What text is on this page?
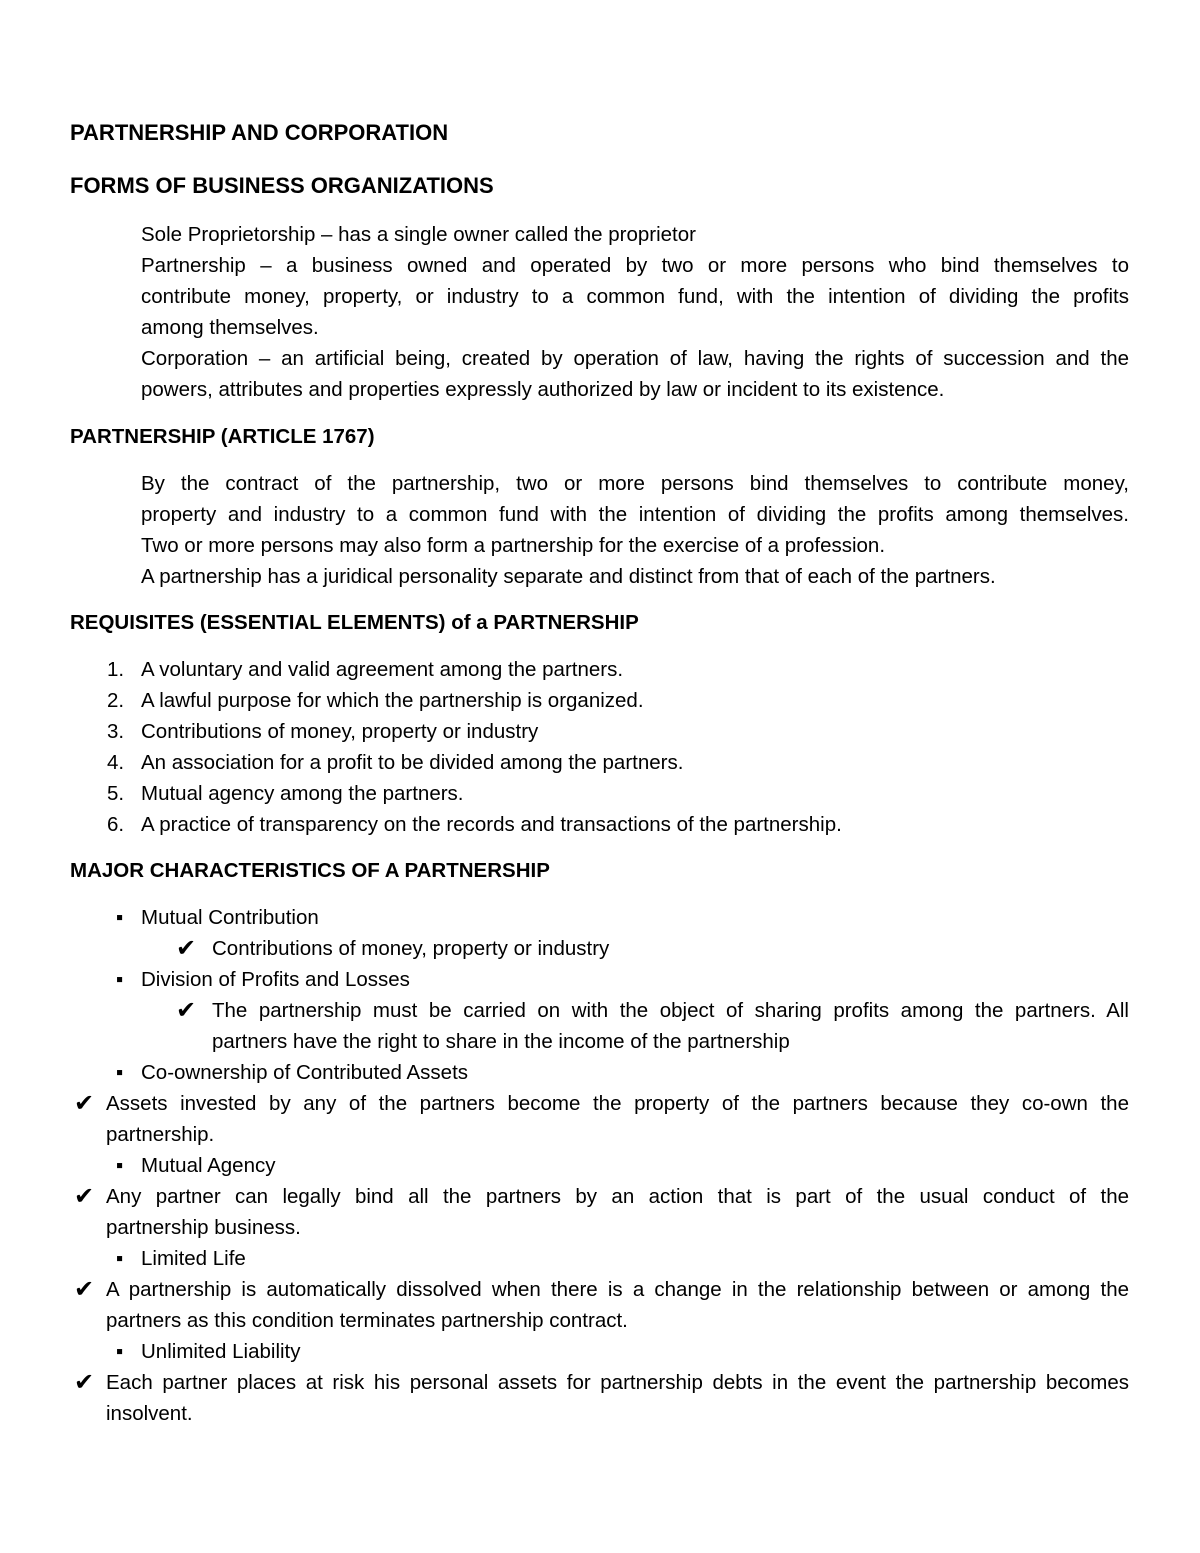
PARTNERSHIP AND CORPORATION
FORMS OF BUSINESS ORGANIZATIONS
Sole Proprietorship – has a single owner called the proprietor
Partnership – a business owned and operated by two or more persons who bind themselves to
contribute money, property, or industry to a common fund, with the intention of dividing the profits
among themselves.
Corporation – an artificial being, created by operation of law, having the rights of succession and the
powers, attributes and properties expressly authorized by law or incident to its existence.
PARTNERSHIP (ARTICLE 1767)
By the contract of the partnership, two or more persons bind themselves to contribute money,
property and industry to a common fund with the intention of dividing the profits among themselves.
Two or more persons may also form a partnership for the exercise of a profession.
A partnership has a juridical personality separate and distinct from that of each of the partners.
REQUISITES (ESSENTIAL ELEMENTS) of a PARTNERSHIP
1. A voluntary and valid agreement among the partners.
2. A lawful purpose for which the partnership is organized.
3. Contributions of money, property or industry
4. An association for a profit to be divided among the partners.
5. Mutual agency among the partners.
6. A practice of transparency on the records and transactions of the partnership.
MAJOR CHARACTERISTICS OF A PARTNERSHIP
▪ Mutual Contribution
✔ Contributions of money, property or industry
▪ Division of Profits and Losses
✔ The partnership must be carried on with the object of sharing profits among the partners. All
partners have the right to share in the income of the partnership
▪ Co-ownership of Contributed Assets
✔ Assets invested by any of the partners become the property of the partners because they co-own the
partnership.
▪ Mutual Agency
✔ Any partner can legally bind all the partners by an action that is part of the usual conduct of the
partnership business.
▪ Limited Life
✔ A partnership is automatically dissolved when there is a change in the relationship between or among the
partners as this condition terminates partnership contract.
▪ Unlimited Liability
✔ Each partner places at risk his personal assets for partnership debts in the event the partnership becomes
insolvent.
